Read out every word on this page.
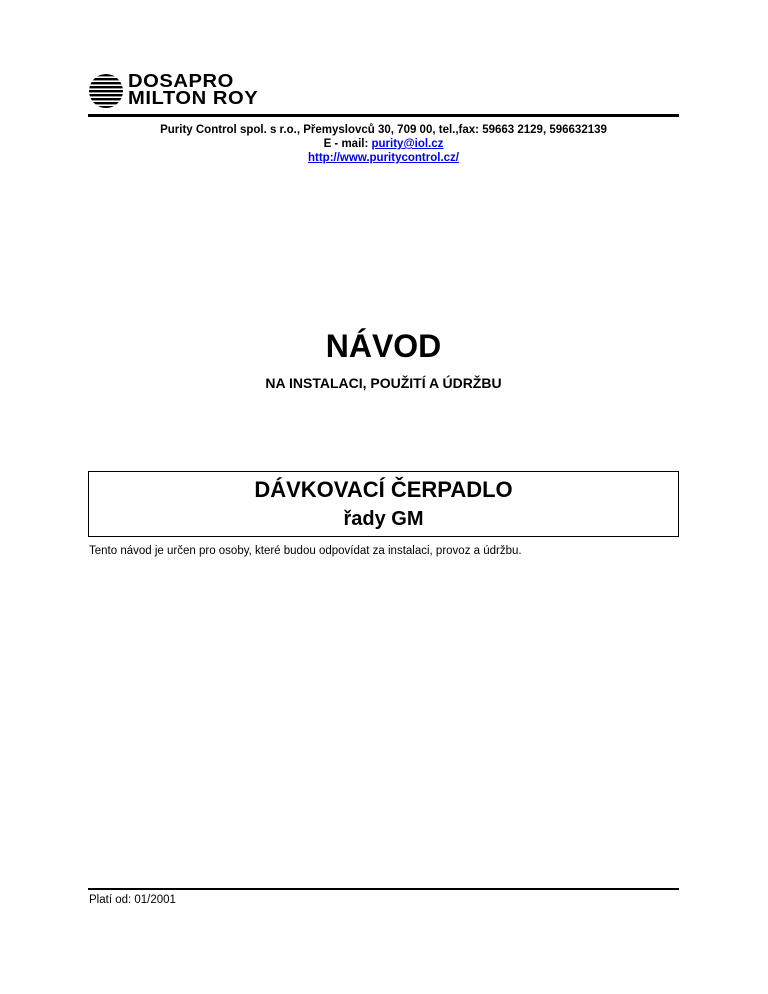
DOSAPRO
MILTON ROY
Purity Control spol. s r.o., Přemyslovců 30, 709 00, tel.,fax: 59663 2129, 596632139
E - mail: purity@iol.cz
http://www.puritycontrol.cz/
NÁVOD
NA INSTALACI, POUŽITÍ A ÚDRŽBU
DÁVKOVACÍ ČERPADLO
řady GM
Tento návod je určen pro osoby, které budou odpovídat za instalaci, provoz a údržbu.
Platí od: 01/2001
